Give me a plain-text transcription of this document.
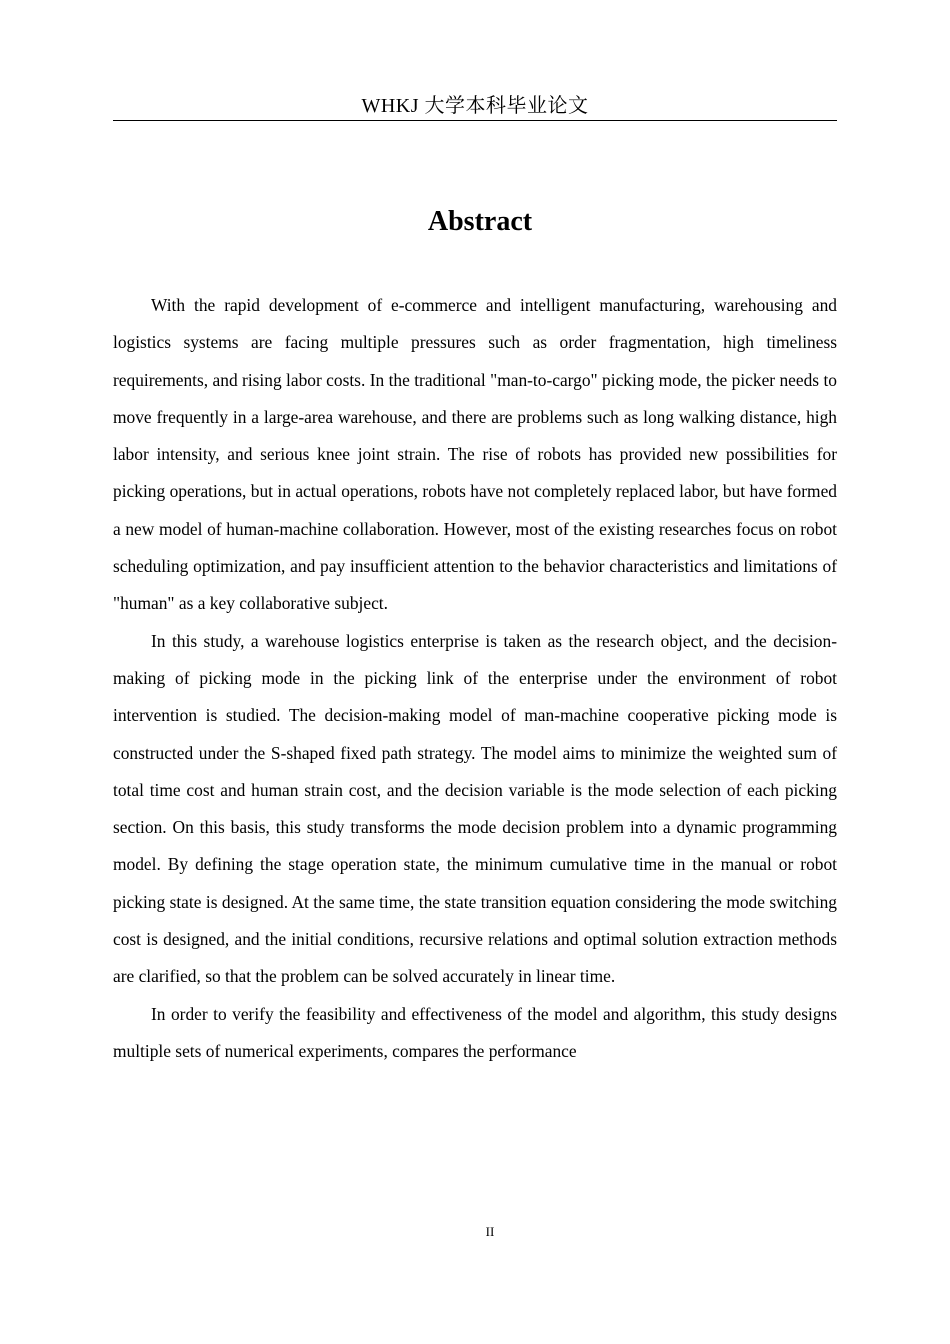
WHKJ 大学本科毕业论文
Abstract

With the rapid development of e-commerce and intelligent manufacturing, warehousing and logistics systems are facing multiple pressures such as order fragmentation, high timeliness requirements, and rising labor costs. In the traditional "man-to-cargo" picking mode, the picker needs to move frequently in a large-area warehouse, and there are problems such as long walking distance, high labor intensity, and serious knee joint strain. The rise of robots has provided new possibilities for picking operations, but in actual operations, robots have not completely replaced labor, but have formed a new model of human-machine collaboration. However, most of the existing researches focus on robot scheduling optimization, and pay insufficient attention to the behavior characteristics and limitations of "human" as a key collaborative subject.

In this study, a warehouse logistics enterprise is taken as the research object, and the decision-making of picking mode in the picking link of the enterprise under the environment of robot intervention is studied. The decision-making model of man-machine cooperative picking mode is constructed under the S-shaped fixed path strategy. The model aims to minimize the weighted sum of total time cost and human strain cost, and the decision variable is the mode selection of each picking section. On this basis, this study transforms the mode decision problem into a dynamic programming model. By defining the stage operation state, the minimum cumulative time in the manual or robot picking state is designed. At the same time, the state transition equation considering the mode switching cost is designed, and the initial conditions, recursive relations and optimal solution extraction methods are clarified, so that the problem can be solved accurately in linear time.

In order to verify the feasibility and effectiveness of the model and algorithm, this study designs multiple sets of numerical experiments, compares the performance

II
